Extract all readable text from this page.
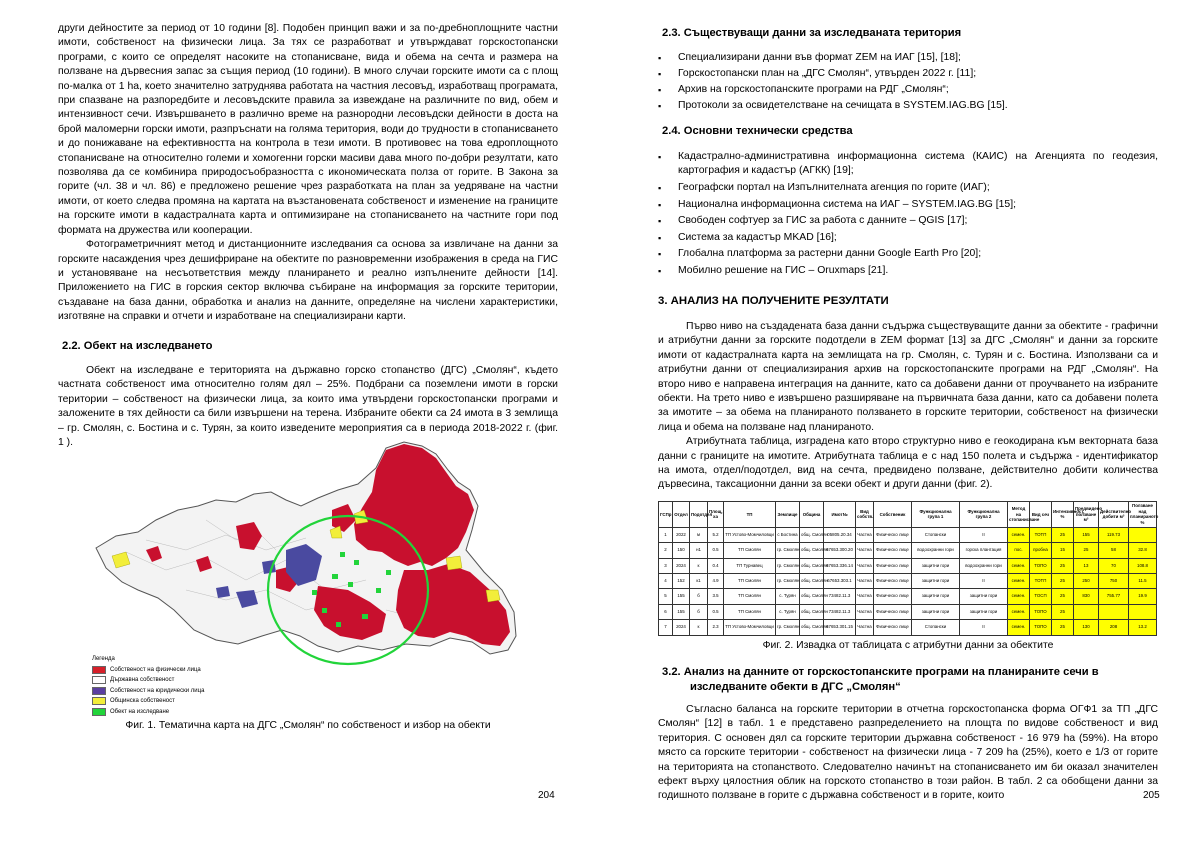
други дейностите за период от 10 години [8]. Подобен принцип важи и за по-дребноплощните частни имоти, собственост на физически лица. За тях се разработват и утвърждават горскостопански програми, с които се определят насоките на стопанисване, вида и обема на сечта и размера на ползване на дървесния запас за същия период (10 години). В много случаи горските имоти са с площ по-малка от 1 ha, което значително затруднява работата на частния лесовъд, изработващ програмата, при спазване на разпоредбите и лесовъдските правила за извеждане на различните по вид, обем и интензивност сечи. Извършването в различно време на разнородни лесовъдски дейности в доста на брой маломерни горски имоти, разпръснати на голяма територия, води до трудности в стопанисването и до понижаване на ефективността на контрола в тези имоти. В противовес на това едроплощното стопанисване на относително големи и хомогенни горски масиви дава много по-добри резултати, като позволява да се комбинира природосъобразността с икономическата полза от горите. В Закона за горите (чл. 38 и чл. 86) е предложено решение чрез разработката на план за уедряване на частни имоти, от което следва промяна на картата на възстановената собственост и изменение на границите на горските имоти в кадастралната карта и оптимизиране на стопанисването на частните гори под формата на дружества или кооперации.

Фотограметричният метод и дистанционните изследвания са основа за извличане на данни за горските насаждения чрез дешифриране на обектите по разновременни изображения в среда на ГИС и установяване на несъответствия между планирането и реално изпълнените дейности [14]. Приложението на ГИС в горския сектор включва събиране на информация за горските територии, създаване на база данни, обработка и анализ на данните, определяне на числени характеристики, изготвяне на справки и отчети и изработване на специализирани карти.

2.2. Обект на изследването

Обект на изследване е територията на държавно горско стопанство (ДГС) „Смолян“, където частната собственост има относително голям дял – 25%. Подбрани са поземлени имоти в горски територии – собственост на физически лица, за които има утвърдени горскостопански програми и заложените в тях дейности са били извършени на терена. Избраните обекти са 24 имота в 3 землища – гр. Смолян, с. Бостина и с. Турян, за които изведените мероприятия са в периода 2018-2022 г. (фиг. 1 ).

Легенда
Собственост на физически лица
Държавна собственост
Собственост на юридически лица
Общинска собственост
Обект на изследване
Фиг. 1. Тематична карта на ДГС „Смолян“ по собственост и избор на обекти
204
2.3. Съществуващи данни за изследваната територия
▪ Специализирани данни във формат ZEM на ИАГ [15], [18];
▪ Горскостопански план на „ДГС Смолян“, утвърден 2022 г. [11];
▪ Архив на горскостопанските програми на РДГ „Смолян“;
▪ Протоколи за освидетелстване на сечищата в SYSTEM.IAG.BG [15].
2.4. Основни технически средства
▪ Кадастрално-административна информационна система (КАИС) на Агенцията по геодезия, картография и кадастър (АГКК) [19];
▪ Географски портал на Изпълнителната агенция по горите (ИАГ);
▪ Национална информационна система на ИАГ – SYSTEM.IAG.BG [15];
▪ Свободен софтуер за ГИС за работа с данните – QGIS [17];
▪ Система за кадастър MKAD [16];
▪ Глобална платформа за растерни данни Google Earth Pro [20];
▪ Мобилно решение на ГИС – Oruxmaps [21].
3. АНАЛИЗ НА ПОЛУЧЕНИТЕ РЕЗУЛТАТИ

Първо ниво на създадената база данни съдържа съществуващите данни за обектите - графични и атрибутни данни за горските подотдели в ZEM формат [13] за ДГС „Смолян“ и данни за горските имоти от кадастралната карта на землищата на гр. Смолян, с. Турян и с. Бостина. Използвани са и атрибутни данни от специализирания архив на горскостопанските програми на РДГ „Смолян“. На второ ниво е направена интеграция на данните, като са добавени данни от проучването на избраните обекти. На трето ниво е извършено разширяване на първичната база данни, като са добавени полета за имотите – за обема на планираното ползването в горските територии, собственост на физически лица и обема на ползване над планираното.

Атрибутната таблица, изградена като второ структурно ниво е геокодирана към векторната база данни с границите на имотите. Атрибутната таблица е с над 150 полета и съдържа - идентификатор на имота, отдел/подотдел, вид на сечта, предвидено ползване, действително добити количества дървесина, таксационни данни за всеки обект и други данни (фиг. 2).

ГСПр	Отдел	Подотдел	Площ, ха	ТП	Землище	Община	Имот№	Вид собств.	Собственик	Функционална група 1	Функционална група 2	Метод на стопанисване	Вид сеч	Интензивност, %	Предвидено ползване м³	Действително добити м³	Ползване над планираното %
1	2022	м	5.2	ТП Устово-Момчиловци	с Бостина	общ. Смолян	05805.20.34	Частна	Физическо лице	Стопански	II	семен.	ТОТП	25	155	119.73	
2	150	н1	0.5	ТП Смолян	гр. Смолян	общ. Смолян	67653.300.20	Частна	Физическо лице	водоохранни гори	горска плантация	пос.	пробна	15	25	58	32.8
3	2024	к	0.4	ТП Турнавец	гр. Смолян	общ. Смолян	67653.336.14	Частна	Физическо лице	защитни гори	водоохранни гори	семен.	ТОПО	25	13	70	108.8
4	152	к1	4.9	ТП Смолян	гр. Смолян	общ. Смолян	67653.303.1	Частна	Физическо лице	защитни гори	II	семен.	ТОТП	25	250	750	11.5
5	155	б	3.5	ТП Смолян	с. Турян	общ. Смолян	73482.11.3	Частна	Физическо лице	защитни гори	защитни гори	семен.	ТОСП	25	830	755.77	19.9
6	155	б	0.5	ТП Смолян	с. Турян	общ. Смолян	73482.11.3	Частна	Физическо лице	защитни гори	защитни гори	семен.	ТОПО	25			
7	2024	к	2.3	ТП Устово-Момчиловци	гр. Смолян	общ. Смолян	67653.301.15	Частна	Физическо лице	Стопански	II	семен.	ТОПО	25	130	208	13.2
Фиг. 2. Извадка от таблицата с атрибутни данни за обектите
3.2. Анализ на данните от горскостопанските програми на планираните сечи в
изследваните обекти в ДГС „Смолян“

Съгласно баланса на горските територии в отчетна горскостопанска форма ОГФ1 за ТП „ДГС Смолян“ [12] в табл. 1 е представено разпределението на площта по видове собственост и вид територия. С основен дял са горските територии държавна собственост - 16 979 ha (59%). На второ място са горските територии - собственост на физически лица - 7 209 ha (25%), което е 1/3 от горите на територията на стопанството. Следователно начинът на стопанисването им би оказал значителен ефект върху цялостния облик на горското стопанство в този район. В табл. 2 са обобщени данни за годишното ползване в горите с държавна собственост и в горите, които	205
